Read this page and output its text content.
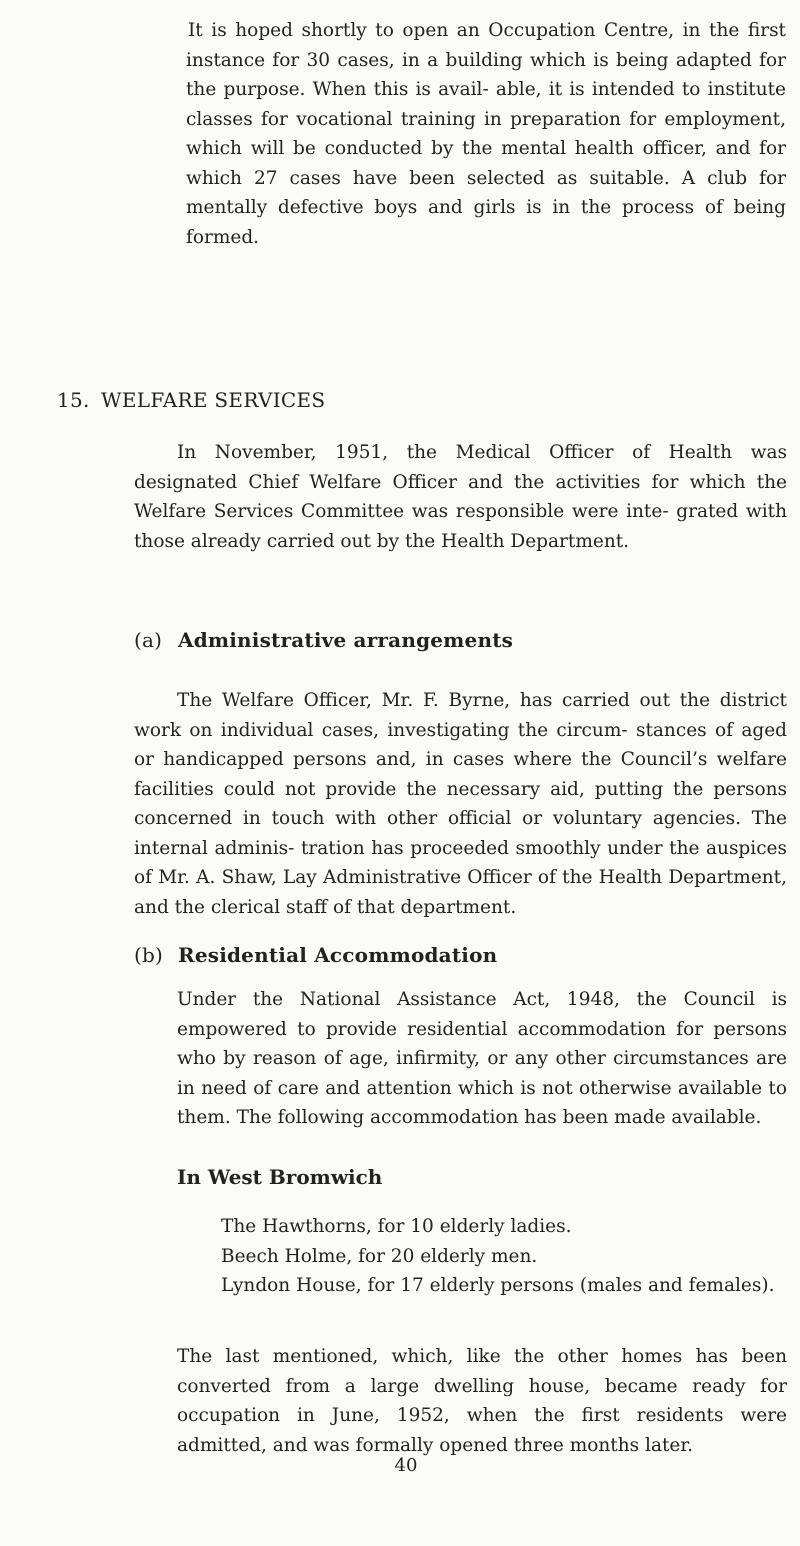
It is hoped shortly to open an Occupation Centre, in the first instance for 30 cases, in a building which is being adapted for the purpose. When this is avail- able, it is intended to institute classes for vocational training in preparation for employment, which will be conducted by the mental health officer, and for which 27 cases have been selected as suitable. A club for mentally defective boys and girls is in the process of being formed.

15. WELFARE SERVICES

In November, 1951, the Medical Officer of Health was designated Chief Welfare Officer and the activities for which the Welfare Services Committee was responsible were inte- grated with those already carried out by the Health Department.

(a) Administrative arrangements

The Welfare Officer, Mr. F. Byrne, has carried out the district work on individual cases, investigating the circum- stances of aged or handicapped persons and, in cases where the Council’s welfare facilities could not provide the necessary aid, putting the persons concerned in touch with other official or voluntary agencies. The internal adminis- tration has proceeded smoothly under the auspices of Mr. A. Shaw, Lay Administrative Officer of the Health Department, and the clerical staff of that department.

(b) Residential Accommodation

Under the National Assistance Act, 1948, the Council is empowered to provide residential accommodation for persons who by reason of age, infirmity, or any other circumstances are in need of care and attention which is not otherwise available to them. The following accommodation has been made available.

In West Bromwich
The Hawthorns, for 10 elderly ladies.
Beech Holme, for 20 elderly men.
Lyndon House, for 17 elderly persons (males and females).

The last mentioned, which, like the other homes has been converted from a large dwelling house, became ready for occupation in June, 1952, when the first residents were admitted, and was formally opened three months later.

40
